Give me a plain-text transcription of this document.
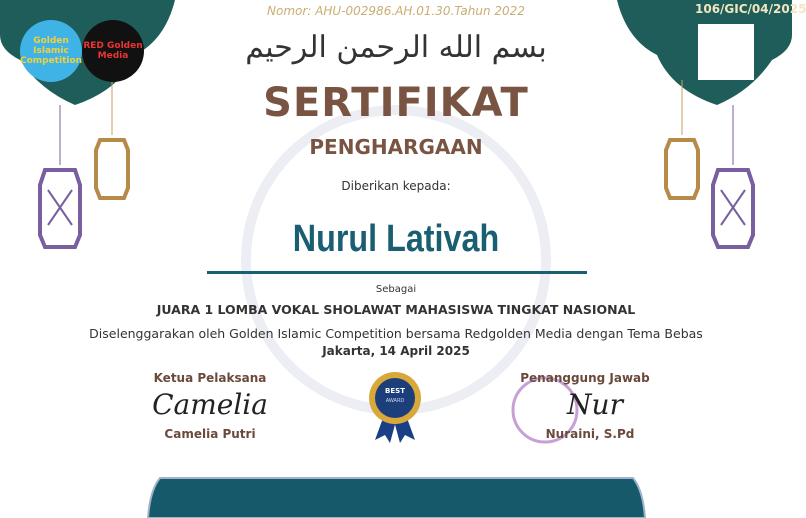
Golden Islamic Competition
RED Golden Media
106/GIC/04/2025
Nomor: AHU-002986.AH.01.30.Tahun 2022
بسم الله الرحمن الرحيم
SERTIFIKAT
PENGHARGAAN
Diberikan kepada:
Nurul Lativah
Sebagai
JUARA 1 LOMBA VOKAL SHOLAWAT MAHASISWA TINGKAT NASIONAL
Diselenggarakan oleh Golden Islamic Competition bersama Redgolden Media dengan Tema Bebas
Jakarta, 14 April 2025
BEST
AWARD
Ketua Pelaksana
Camelia
Camelia Putri
Penanggung Jawab
Nur
Nuraini, S.Pd
